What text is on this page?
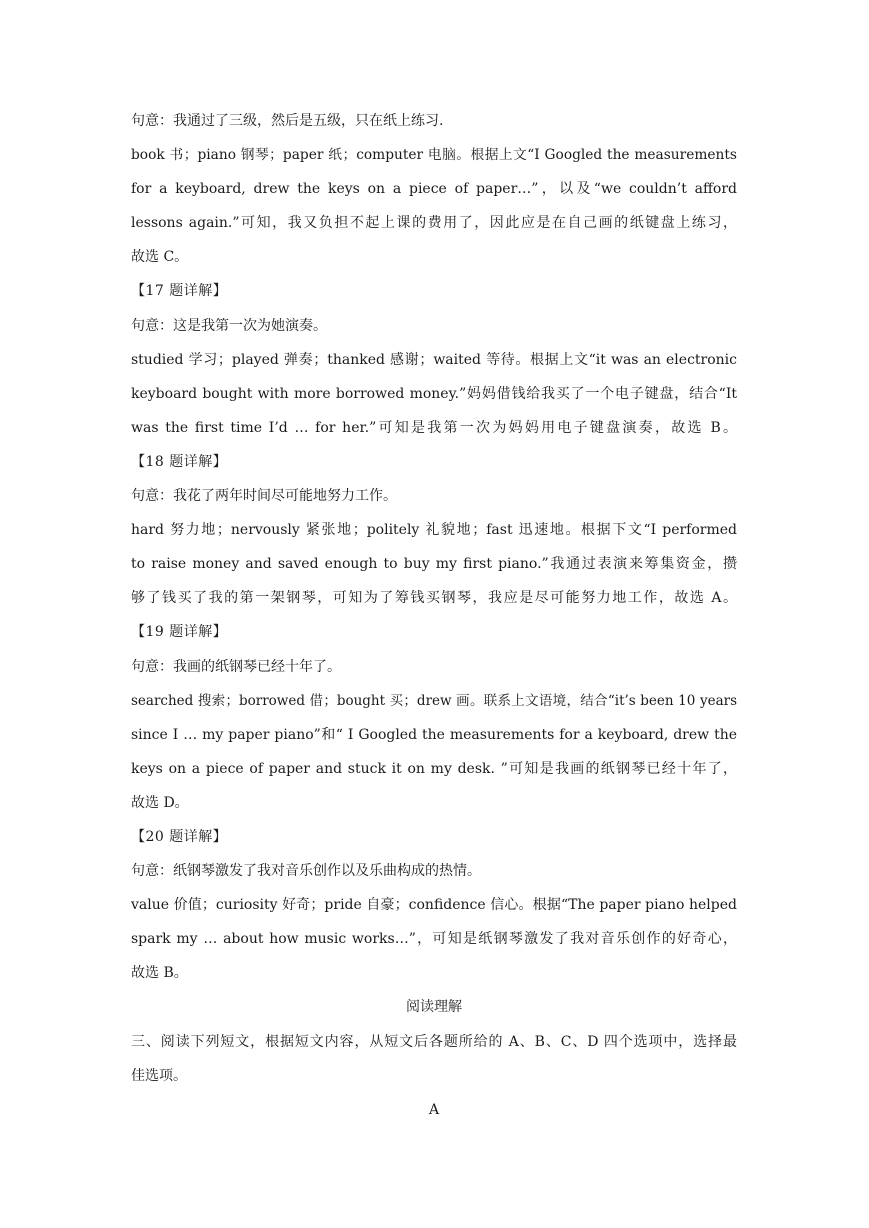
句意：我通过了三级，然后是五级，只在纸上练习.
book 书；piano 钢琴；paper 纸；computer 电脑。根据上文“I Googled the measurements
for a keyboard, drew the keys on a piece of paper…”，以及“we couldn’t afford
lessons again.”可知，我又负担不起上课的费用了，因此应是在自己画的纸键盘上练习，
故选 C。
【17 题详解】
句意：这是我第一次为她演奏。
studied 学习；played 弹奏；thanked 感谢；waited 等待。根据上文“it was an electronic
keyboard bought with more borrowed money.”妈妈借钱给我买了一个电子键盘，结合“It
was the first time I’d … for her.”可知是我第一次为妈妈用电子键盘演奏，故选 B。
【18 题详解】
句意：我花了两年时间尽可能地努力工作。
hard 努力地；nervously 紧张地；politely 礼貌地；fast 迅速地。根据下文“I performed
to raise money and saved enough to buy my first piano.”我通过表演来筹集资金，攒
够了钱买了我的第一架钢琴，可知为了筹钱买钢琴，我应是尽可能努力地工作，故选 A。
【19 题详解】
句意：我画的纸钢琴已经十年了。
searched 搜索；borrowed 借；bought 买；drew 画。联系上文语境，结合“it’s been 10 years
since I … my paper piano”和“ I Googled the measurements for a keyboard, drew the
keys on a piece of paper and stuck it on my desk. ”可知是我画的纸钢琴已经十年了，
故选 D。
【20 题详解】
句意：纸钢琴激发了我对音乐创作以及乐曲构成的热情。
value 价值；curiosity 好奇；pride 自豪；confidence 信心。根据“The paper piano helped
spark my … about how music works…”，可知是纸钢琴激发了我对音乐创作的好奇心，
故选 B。
阅读理解
三、阅读下列短文，根据短文内容，从短文后各题所给的 A、B、C、D 四个选项中，选择最
佳选项。
A
